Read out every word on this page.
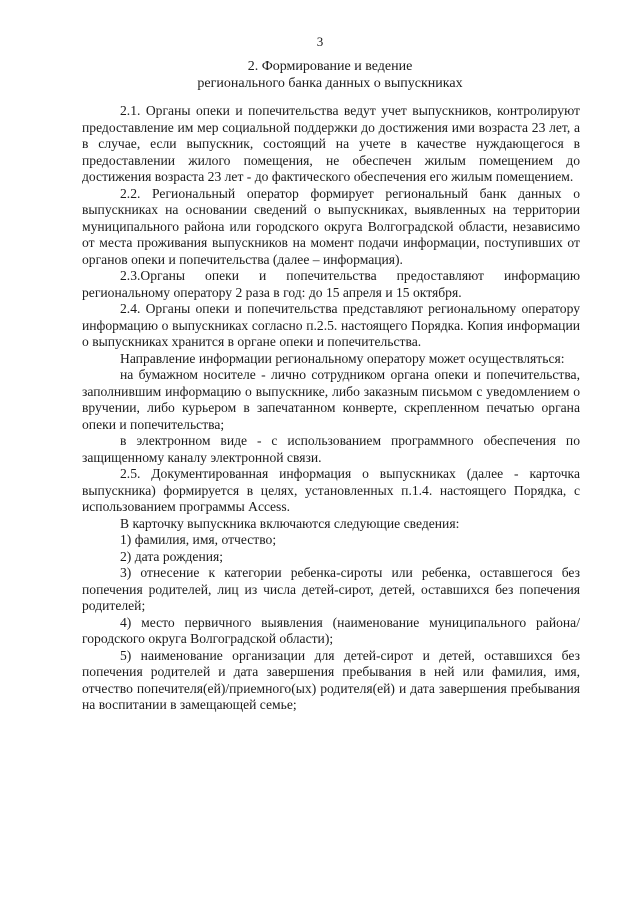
3
2. Формирование и ведение
регионального банка данных о выпускниках

2.1. Органы опеки и попечительства ведут учет выпускников, контролируют предоставление им мер социальной поддержки до достижения ими возраста 23 лет, а в случае, если выпускник, состоящий на учете в качестве нуждающегося в предоставлении жилого помещения, не обеспечен жилым помещением до достижения возраста 23 лет - до фактического обеспечения его жилым помещением.

2.2. Региональный оператор формирует региональный банк данных о выпускниках на основании сведений о выпускниках, выявленных на территории муниципального района или городского округа Волгоградской области, независимо от места проживания выпускников на момент подачи информации, поступивших от органов опеки и попечительства (далее – информация).

2.3.Органы опеки и попечительства предоставляют информацию региональному оператору 2 раза в год: до 15 апреля и 15 октября.

2.4. Органы опеки и попечительства представляют региональному оператору информацию о выпускниках согласно п.2.5. настоящего Порядка. Копия информации о выпускниках хранится в органе опеки и попечительства.

Направление информации региональному оператору может осуществляться:

на бумажном носителе - лично сотрудником органа опеки и попечительства, заполнившим информацию о выпускнике, либо заказным письмом с уведомлением о вручении, либо курьером в запечатанном конверте, скрепленном печатью органа опеки и попечительства;

в электронном виде - с использованием программного обеспечения по защищенному каналу электронной связи.

2.5. Документированная информация о выпускниках (далее - карточка выпускника) формируется в целях, установленных п.1.4. настоящего Порядка, с использованием программы Access.

В карточку выпускника включаются следующие сведения:

1) фамилия, имя, отчество;

2) дата рождения;

3) отнесение к категории ребенка-сироты или ребенка, оставшегося без попечения родителей, лиц из числа детей-сирот, детей, оставшихся без попечения родителей;

4) место первичного выявления (наименование муниципального района/городского округа Волгоградской области);

5) наименование организации для детей-сирот и детей, оставшихся без попечения родителей и дата завершения пребывания в ней или фамилия, имя, отчество попечителя(ей)/приемного(ых) родителя(ей) и дата завершения пребывания на воспитании в замещающей семье;
